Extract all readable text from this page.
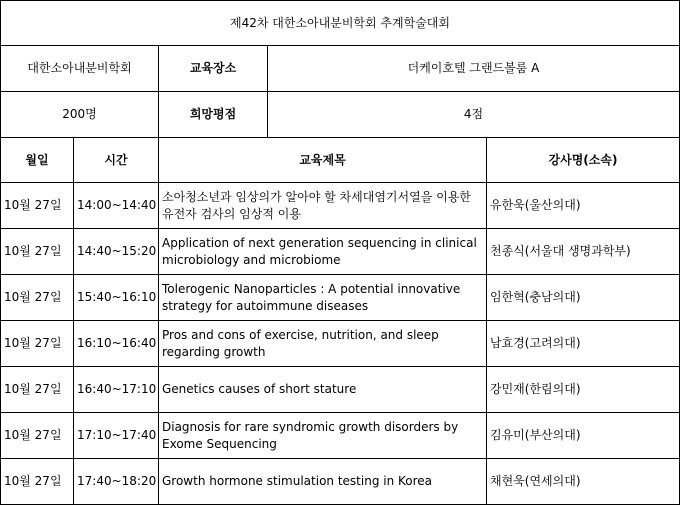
제42차 대한소아내분비학회 추계학술대회				
대한소아내분비학회		교육장소	더케이호텔 그랜드볼룸 A	
200명		희망평점	4점	
월일	시간	교육제목		강사명(소속)
10월 27일	14:00~14:40	소아청소년과 임상의가 알아야 할 차세대염기서열을 이용한 유전자 검사의 임상적 이용		유한욱(울산의대)
10월 27일	14:40~15:20	Application of next generation sequencing in clinical microbiology and microbiome		천종식(서울대 생명과학부)
10월 27일	15:40~16:10	Tolerogenic Nanoparticles : A potential innovative strategy for autoimmune diseases		임한혁(충남의대)
10월 27일	16:10~16:40	Pros and cons of exercise, nutrition, and sleep regarding growth		남효경(고려의대)
10월 27일	16:40~17:10	Genetics causes of short stature		강민재(한림의대)
10월 27일	17:10~17:40	Diagnosis for rare syndromic growth disorders by Exome Sequencing		김유미(부산의대)
10월 27일	17:40~18:20	Growth hormone stimulation testing in Korea		채현욱(연세의대)
